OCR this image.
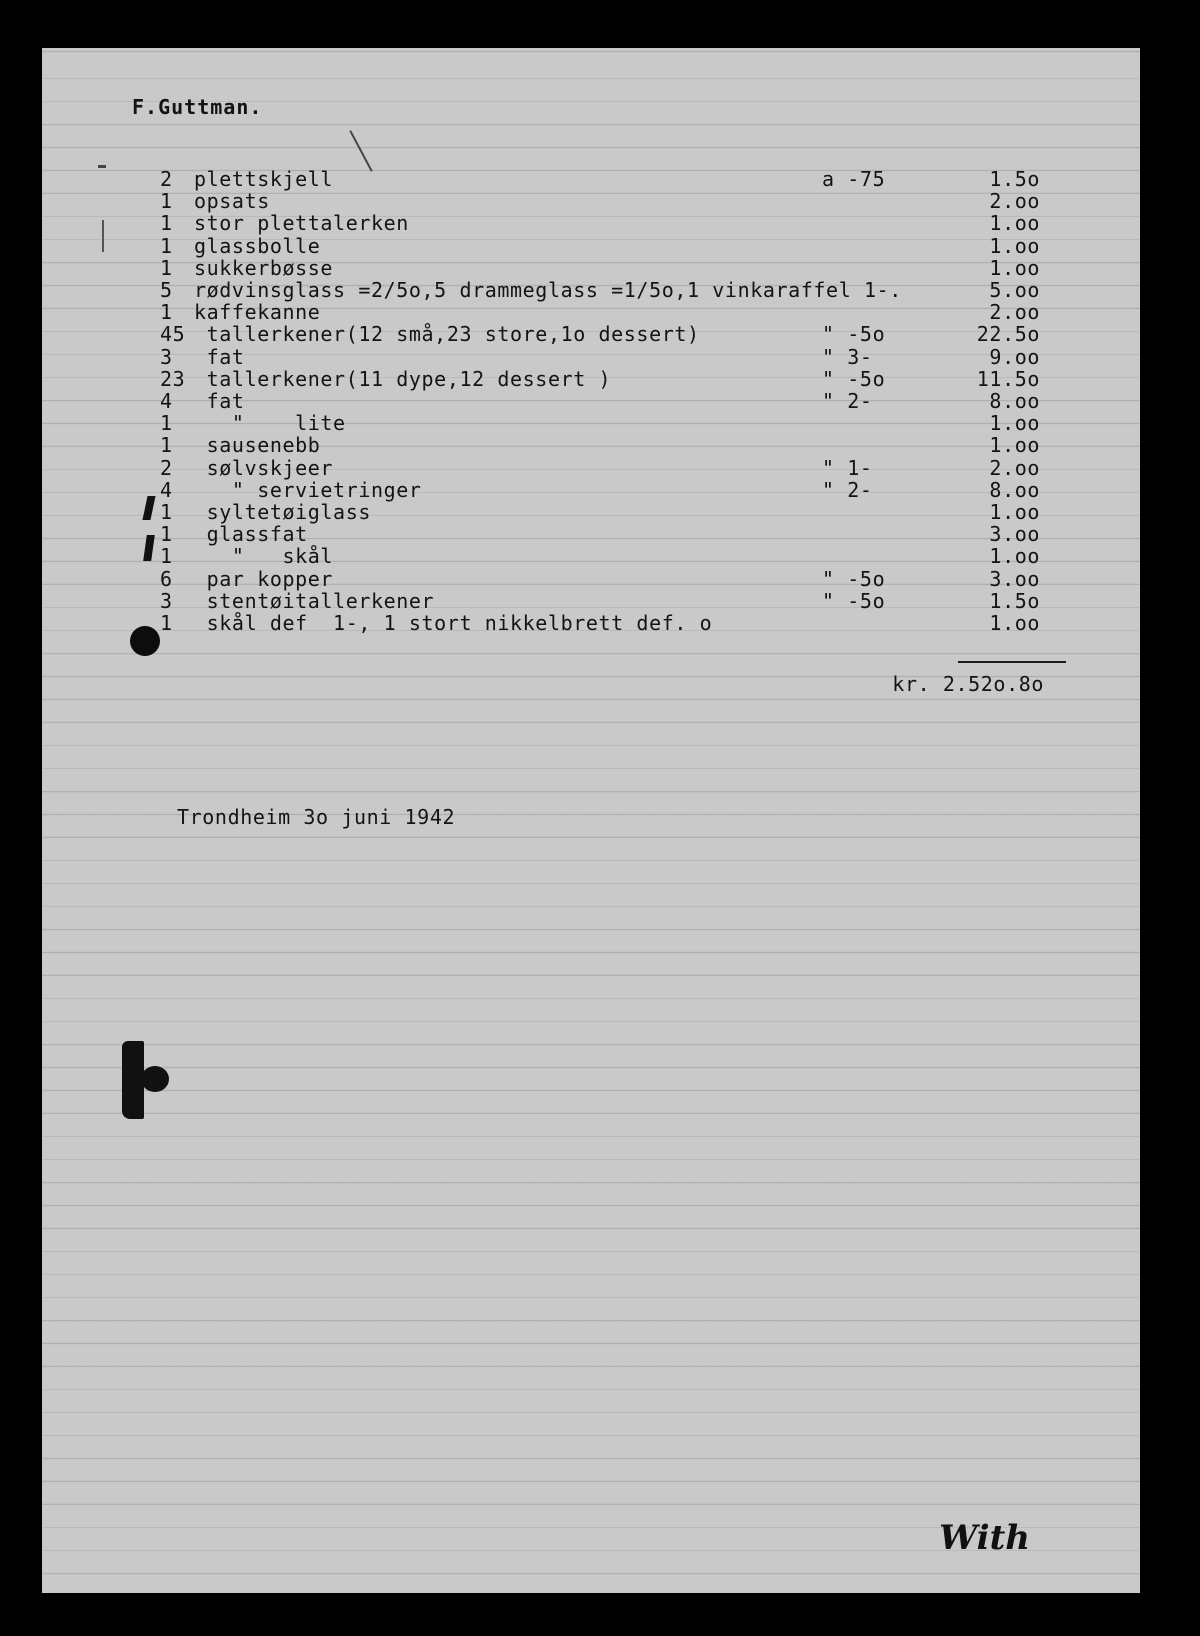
F.Guttman.
2	plettskjell	a -75	1.5o
1	opsats	2.oo
1	stor plettalerken	1.oo
1	glassbolle	1.oo
1	sukkerbøsse	1.oo
5	rødvinsglass =2/5o,5 drammeglass =1/5o,1 vinkaraffel 1-.	5.oo
1	kaffekanne	2.oo
45 tallerkener(12 små,23 store,1o dessert)	" -5o	22.5o
3	fat	" 3-	9.oo
23 tallerkener(11 dype,12 dessert )	" -5o	11.5o
4	fat	" 2-	8.oo
1	"    lite	1.oo
1	sausenebb	1.oo
2	sølvskjeer	" 1-	2.oo
4	" servietringer	" 2-	8.oo
1	syltetøiglass	1.oo
1	glassfat	3.oo
1	"   skål	1.oo
6	par kopper	" -5o	3.oo
3	stentøitallerkener	" -5o	1.5o
1	skål def  1-, 1 stort nikkelbrett def. o	1.oo
kr. 2.52o.8o
Trondheim 3o juni 1942
With
